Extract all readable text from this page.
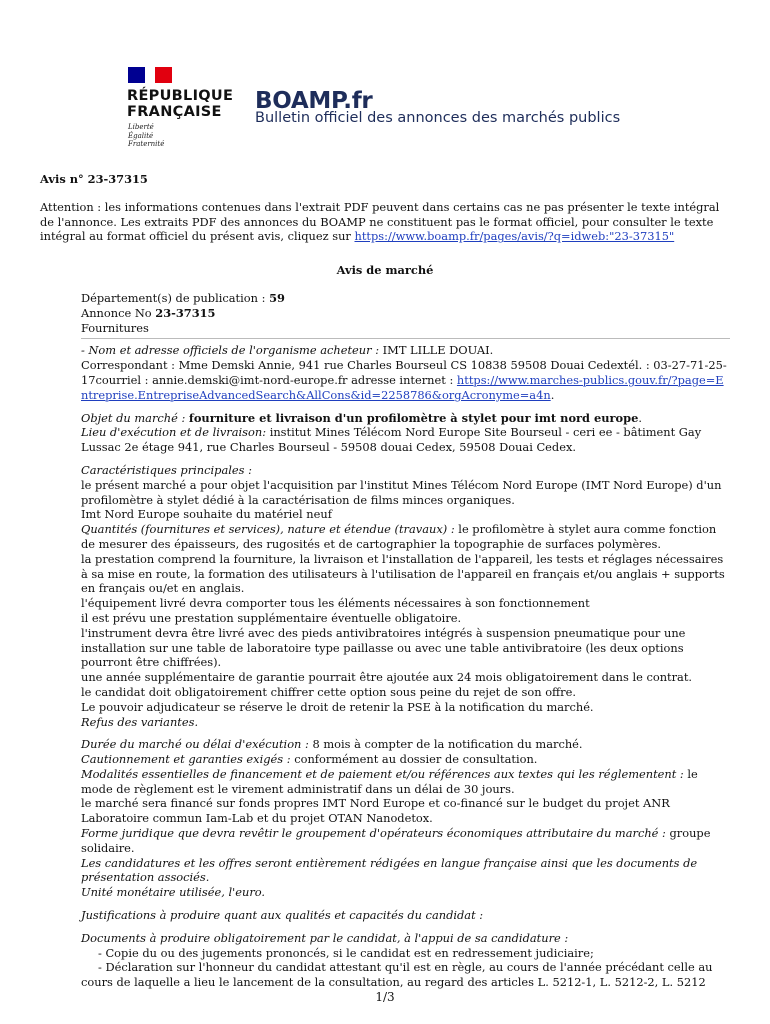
RÉPUBLIQUE
FRANÇAISE
Liberté
Égalité
Fraternité
BOAMP.fr
Bulletin officiel des annonces des marchés publics

Avis n° 23-37315

Attention : les informations contenues dans l'extrait PDF peuvent dans certains cas ne pas présenter le texte intégral de l'annonce. Les extraits PDF des annonces du BOAMP ne constituent pas le format officiel, pour consulter le texte intégral au format officiel du présent avis, cliquez sur https://www.boamp.fr/pages/avis/?q=idweb:"23-37315"

Avis de marché

Département(s) de publication : 59

Annonce No 23-37315

Fournitures

- Nom et adresse officiels de l'organisme acheteur : IMT LILLE DOUAI.

Correspondant : Mme Demski Annie, 941 rue Charles Bourseul CS 10838 59508 Douai Cedextél. : 03-27-71-25-17courriel : annie.demski@imt-nord-europe.fr adresse internet : https://www.marches-publics.gouv.fr/?page=Entreprise.EntrepriseAdvancedSearch&AllCons&id=2258786&orgAcronyme=a4n.

Objet du marché : fourniture et livraison d'un profilomètre à stylet pour imt nord europe.

Lieu d'exécution et de livraison: institut Mines Télécom Nord Europe Site Bourseul - ceri ee - bâtiment Gay Lussac 2e étage 941, rue Charles Bourseul - 59508 douai Cedex, 59508 Douai Cedex.

Caractéristiques principales :

le présent marché a pour objet l'acquisition par l'institut Mines Télécom Nord Europe (IMT Nord Europe) d'un profilomètre à stylet dédié à la caractérisation de films minces organiques.

Imt Nord Europe souhaite du matériel neuf

Quantités (fournitures et services), nature et étendue (travaux) : le profilomètre à stylet aura comme fonction de mesurer des épaisseurs, des rugosités et de cartographier la topographie de surfaces polymères.

la prestation comprend la fourniture, la livraison et l'installation de l'appareil, les tests et réglages nécessaires à sa mise en route, la formation des utilisateurs à l'utilisation de l'appareil en français et/ou anglais + supports en français ou/et en anglais.

l'équipement livré devra comporter tous les éléments nécessaires à son fonctionnement

il est prévu une prestation supplémentaire éventuelle obligatoire.

l'instrument devra être livré avec des pieds antivibratoires intégrés à suspension pneumatique pour une installation sur une table de laboratoire type paillasse ou avec une table antivibratoire (les deux options pourront être chiffrées).

une année supplémentaire de garantie pourrait être ajoutée aux 24 mois obligatoirement dans le contrat.

le candidat doit obligatoirement chiffrer cette option sous peine du rejet de son offre.

Le pouvoir adjudicateur se réserve le droit de retenir la PSE à la notification du marché.

Refus des variantes.

Durée du marché ou délai d'exécution : 8 mois à compter de la notification du marché.

Cautionnement et garanties exigés : conformément au dossier de consultation.

Modalités essentielles de financement et de paiement et/ou références aux textes qui les réglementent : le mode de règlement est le virement administratif dans un délai de 30 jours.

le marché sera financé sur fonds propres IMT Nord Europe et co-financé sur le budget du projet ANR Laboratoire commun Iam-Lab et du projet OTAN Nanodetox.

Forme juridique que devra revêtir le groupement d'opérateurs économiques attributaire du marché : groupe solidaire.

Les candidatures et les offres seront entièrement rédigées en langue française ainsi que les documents de présentation associés.

Unité monétaire utilisée, l'euro.

Justifications à produire quant aux qualités et capacités du candidat :

Documents à produire obligatoirement par le candidat, à l'appui de sa candidature :

- Copie du ou des jugements prononcés, si le candidat est en redressement judiciaire;

- Déclaration sur l'honneur du candidat attestant qu'il est en règle, au cours de l'année précédant celle au cours de laquelle a lieu le lancement de la consultation, au regard des articles L. 5212-1, L. 5212-2, L. 5212

1/3
